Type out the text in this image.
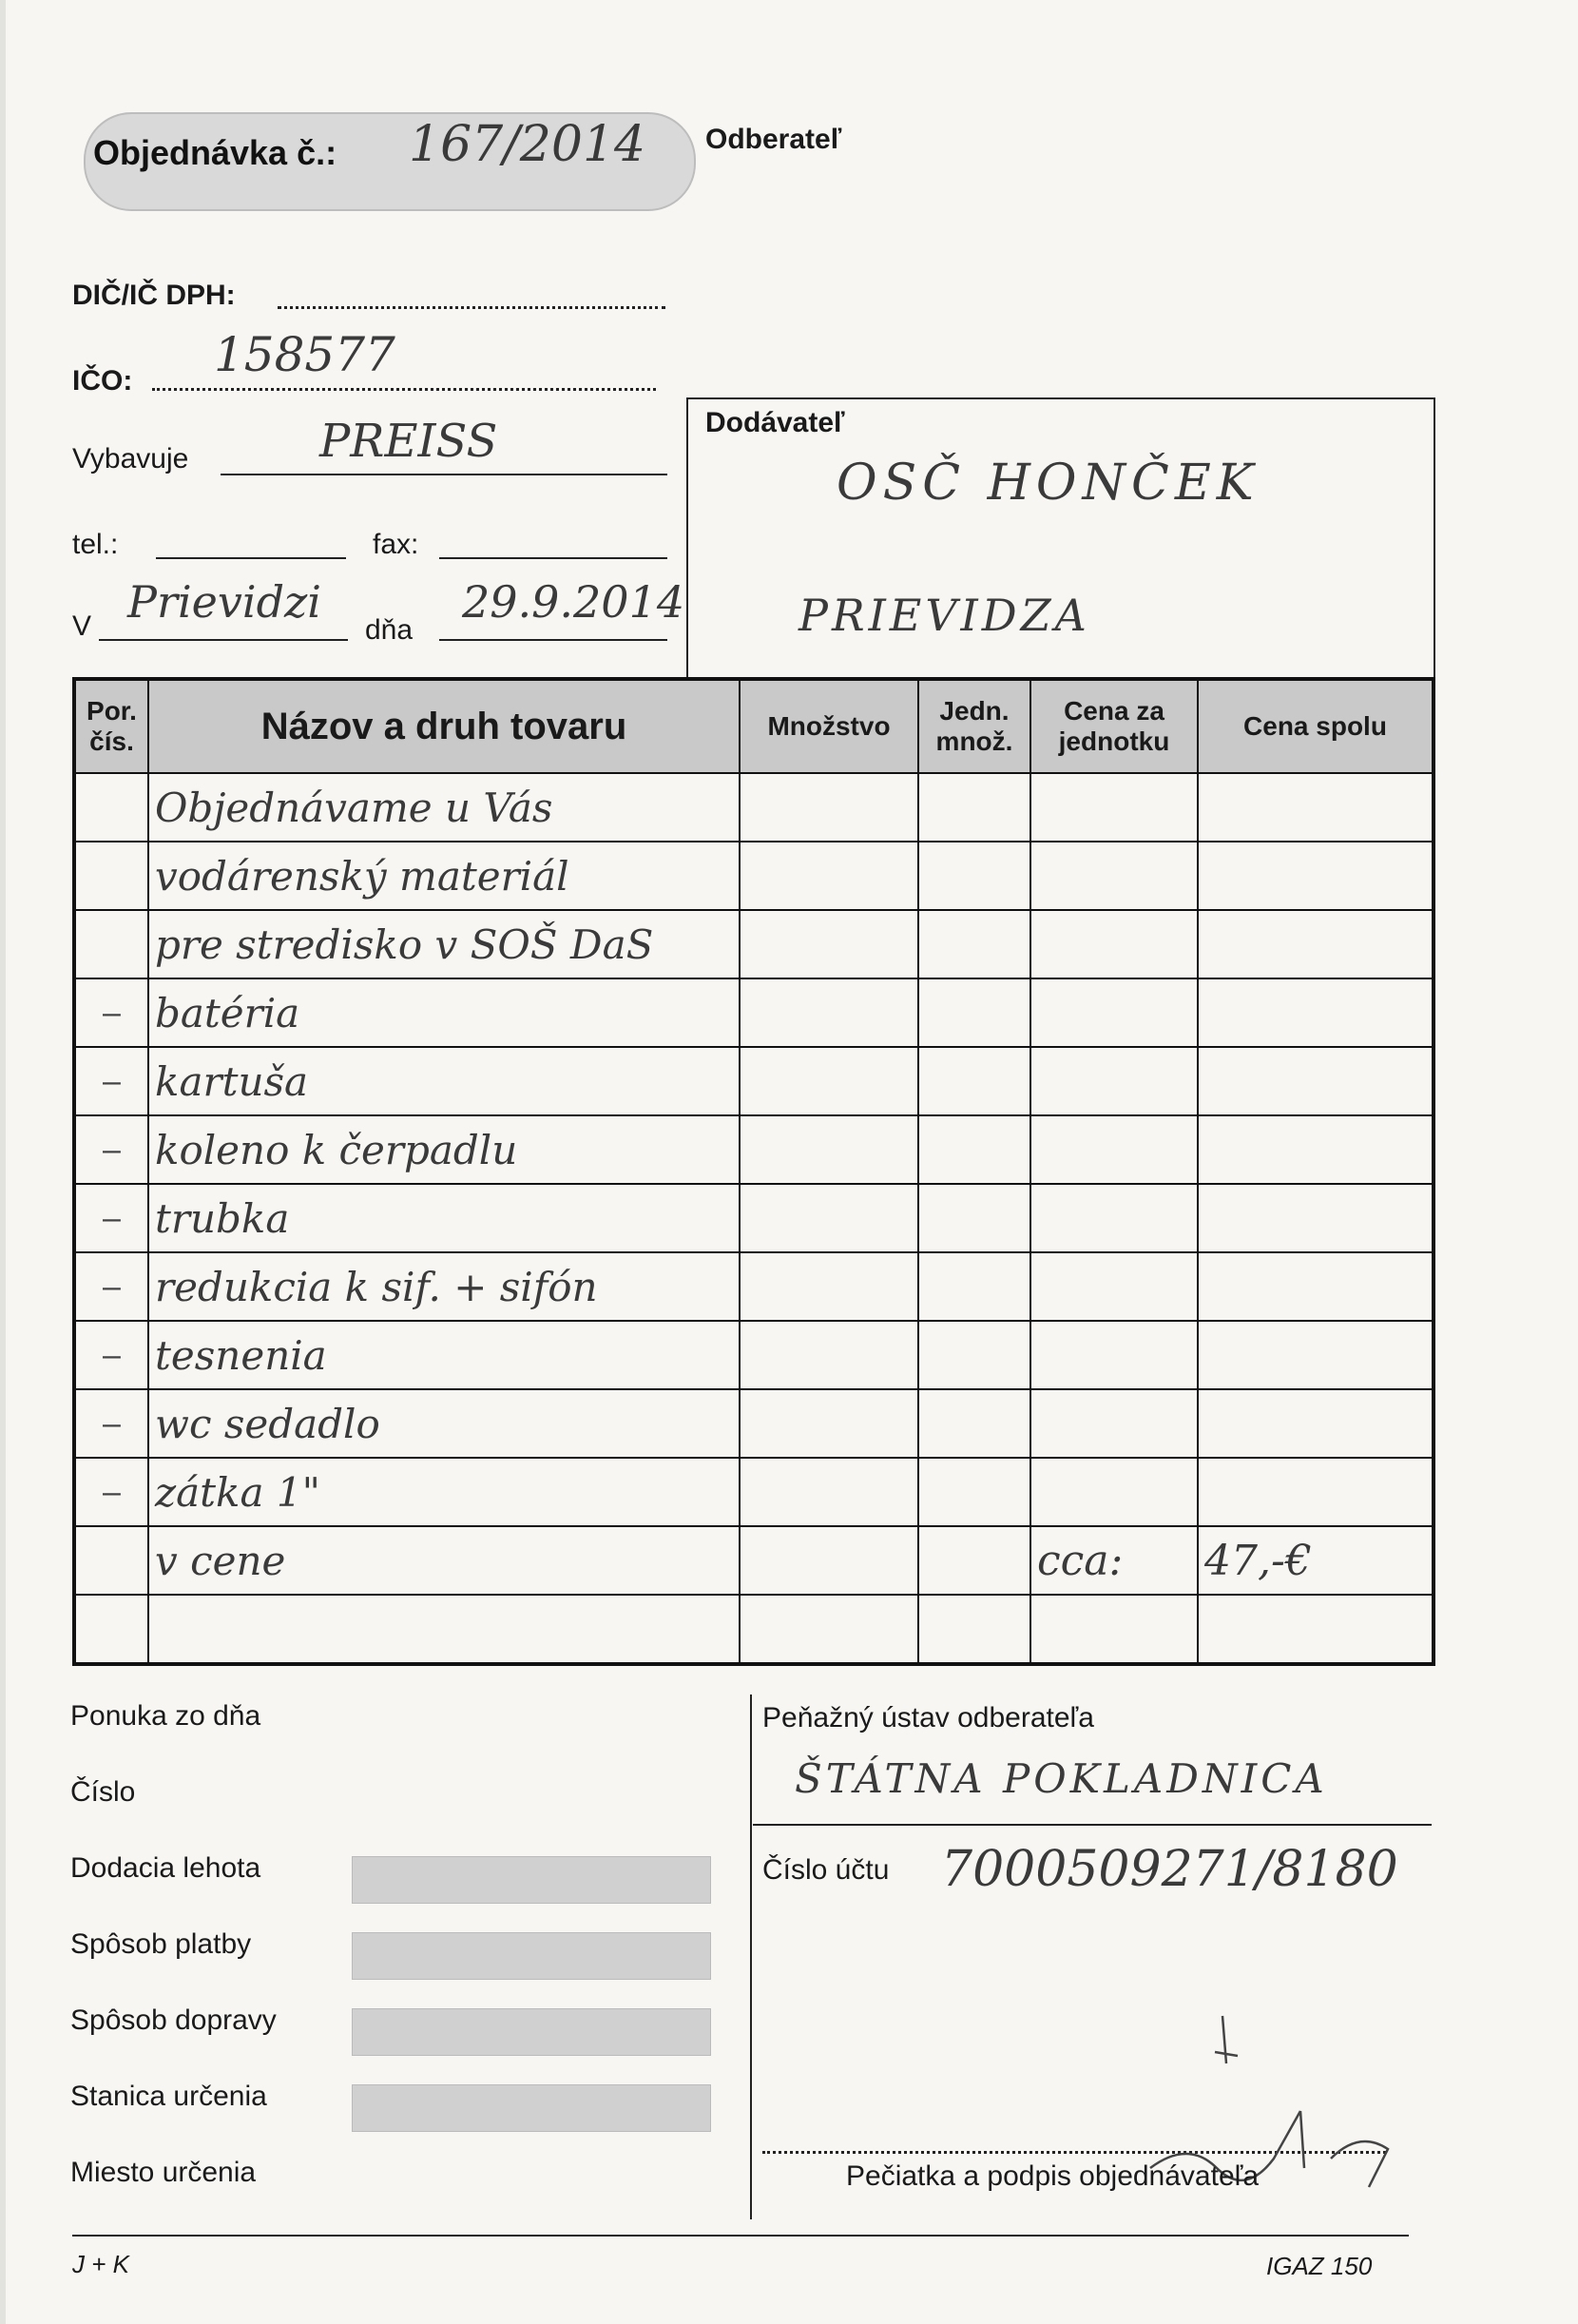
Objednávka č.: 167/2014 Odberateľ
DIČ/IČ DPH:
IČO: 158577
Vybavuje	PREISS
tel.:	fax:
V Prievidzi
dňa
29.9.2014
Dodávateľ
OSČ HONČEK
PRIEVIDZA
Por. čís.	Názov a druh tovaru	Množstvo	Jedn. množ.	Cena za jednotku	Cena spolu
	Objednávame u Vás				
	vodárenský materiál				
	pre stredisko v SOŠ DaS				
–	batéria				
–	kartuša				
–	koleno k čerpadlu				
–	trubka				
–	redukcia k sif. + sifón				
–	tesnenia				
–	wc sedadlo				
–	zátka 1"				
	v cene			cca:	47,-€

Ponuka zo dňa
Číslo
Dodacia lehota
Spôsob platby
Spôsob dopravy
Stanica určenia
Miesto určenia
Peňažný ústav odberateľa
ŠTÁTNA POKLADNICA
Číslo účtu 7000509271/8180
Pečiatka a podpis objednávateľa
J + K	IGAZ 150
